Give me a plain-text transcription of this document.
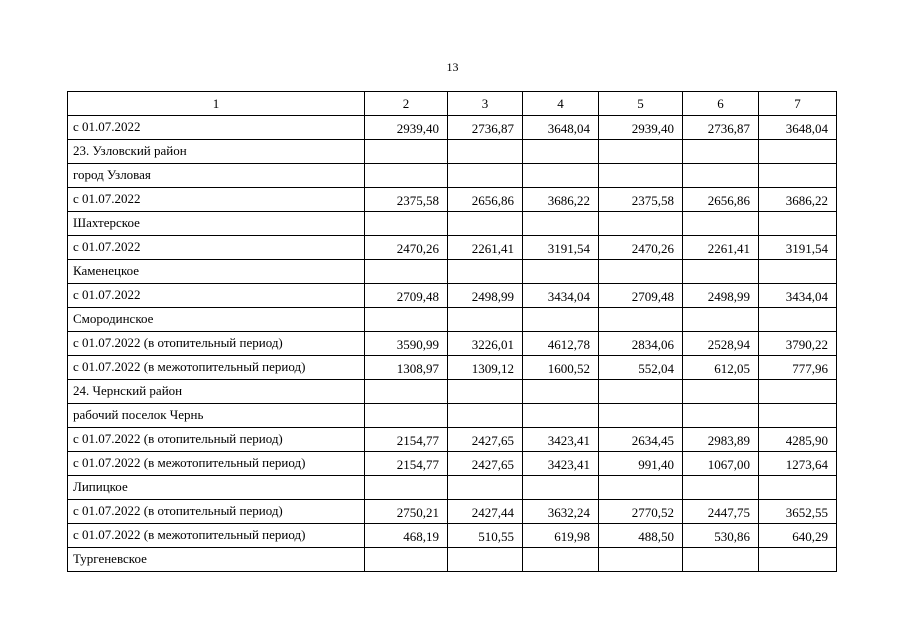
13
1	2	3	4	5	6	7
с 01.07.2022	2939,40	2736,87	3648,04	2939,40	2736,87	3648,04
23. Узловский район						
город Узловая						
с 01.07.2022	2375,58	2656,86	3686,22	2375,58	2656,86	3686,22
Шахтерское						
с 01.07.2022	2470,26	2261,41	3191,54	2470,26	2261,41	3191,54
Каменецкое						
с 01.07.2022	2709,48	2498,99	3434,04	2709,48	2498,99	3434,04
Смородинское						
с 01.07.2022 (в отопительный период)	3590,99	3226,01	4612,78	2834,06	2528,94	3790,22
с 01.07.2022 (в межотопительный период)	1308,97	1309,12	1600,52	552,04	612,05	777,96
24. Чернский район						
рабочий поселок Чернь						
с 01.07.2022 (в отопительный период)	2154,77	2427,65	3423,41	2634,45	2983,89	4285,90
с 01.07.2022 (в межотопительный период)	2154,77	2427,65	3423,41	991,40	1067,00	1273,64
Липицкое						
с 01.07.2022 (в отопительный период)	2750,21	2427,44	3632,24	2770,52	2447,75	3652,55
с 01.07.2022 (в межотопительный период)	468,19	510,55	619,98	488,50	530,86	640,29
Тургеневское						
